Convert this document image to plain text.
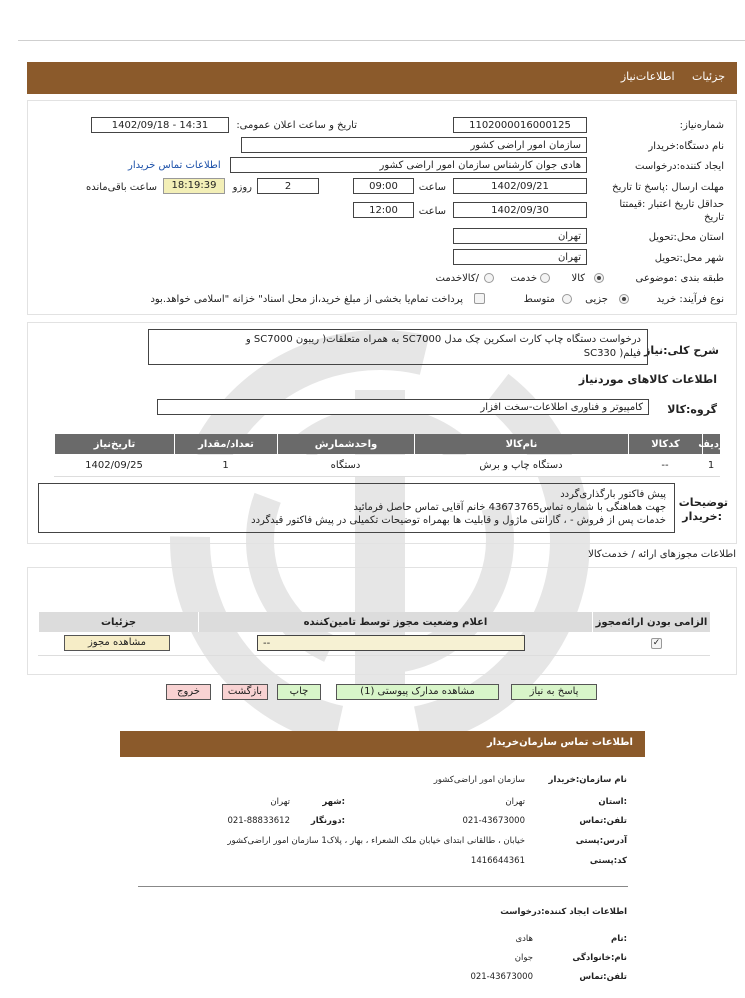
جزئیات اطلاعات‌نیاز
شماره‌نیاز:
1102000016000125
تاریخ و ساعت اعلان عمومی:
1402/09/18 - 14:31
نام دستگاه:خریدار
سازمان امور اراضی کشور
ایجاد کننده:درخواست
هادی جوان کارشناس سازمان امور اراضی کشور
اطلاعات تماس خریدار
مهلت ارسال :پاسخ تا تاریخ
1402/09/21
ساعت
09:00
2
روزو
18:19:39
ساعت باقی‌مانده
حداقل تاریخ اعتبار :قیمتتا
تاریخ
1402/09/30
ساعت
12:00
استان محل:تحویل
تهران
شهر محل:تحویل
تهران
طبقه بندی :موضوعی
کالا
خدمت
/کالاخدمت
نوع فرآیند: خرید
جزیی
متوسط
پرداخت تمام‌یا بخشی از مبلغ خرید،از محل اسناد" خزانه "اسلامی خواهد.بود
شرح کلی:نیاز
درخواست دستگاه چاپ کارت اسکرین چک مدل SC7000 به همراه متعلقات( ریبون SC7000 و
فیلم( SC330
اطلاعات کالاهای موردنیاز
گروه:کالا
کامپیوتر و فناوری اطلاعات-سخت افزار
ردیف
کدکالا
نام‌کالا
واحدشمارش
تعداد/مقدار
تاریخ‌نیاز
1
--
دستگاه چاپ و برش
دستگاه
1
1402/09/25
توضیحات
:خریدار
پیش فاکتور بارگذاری‌گردد
جهت هماهنگی با شماره تماس43673765 خانم آقایی تماس حاصل فرمائید
خدمات پس از فروش - ، گارانتی ماژول و قابلیت ها بهمراه توضیحات تکمیلی در پیش فاکتور قیدگردد
اطلاعات مجوزهای ارائه / خدمت‌کالا
الزامی بودن ارائه‌مجوز
اعلام وضعیت مجوز توسط تامین‌کننده
جزئیات
✓
--
مشاهده مجوز
پاسخ به نیاز
مشاهده مدارک پیوستی (1)
چاپ
بازگشت
خروج
اطلاعات تماس سازمان‌خریدار
نام سازمان:خریدار
سازمان امور اراضی‌کشور
:استان
تهران
:شهر
تهران
تلفن:تماس
021-43673000
:دورنگار
021-88833612
آدرس:پستی
خیابان ، طالقانی ابتدای خیابان ملک الشعراء ، بهار ، پلاک1 سازمان امور اراضی‌کشور
کد:پستی
1416644361
اطلاعات ایجاد کننده:درخواست
:نام
هادی
نام:خانوادگی
جوان
تلفن:تماس
021-43673000
